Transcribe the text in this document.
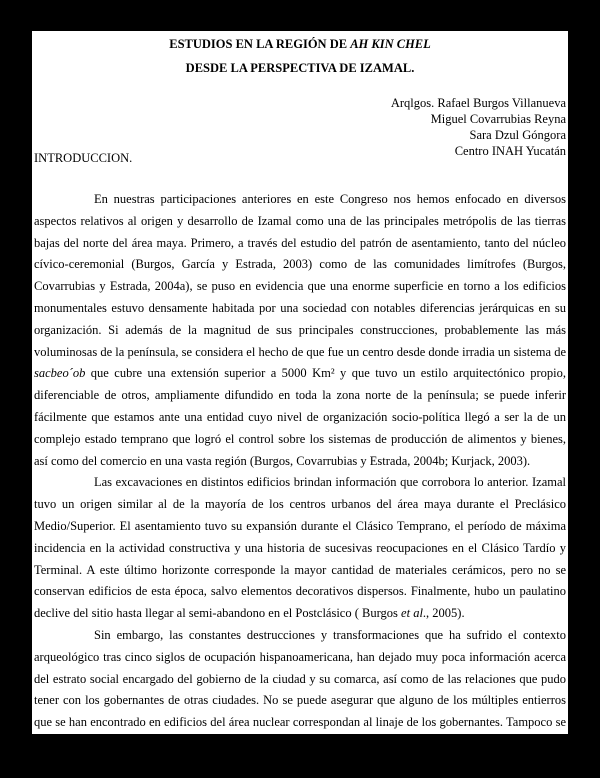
ESTUDIOS EN LA REGIÓN DE AH KIN CHEL
DESDE LA PERSPECTIVA DE IZAMAL.
Arqlgos. Rafael Burgos Villanueva
Miguel Covarrubias Reyna
Sara Dzul Góngora
Centro INAH Yucatán
INTRODUCCION.

En nuestras participaciones anteriores en este Congreso nos hemos enfocado en diversos aspectos relativos al origen y desarrollo de Izamal como una de las principales metrópolis de las tierras bajas del norte del área maya. Primero, a través del estudio del patrón de asentamiento, tanto del núcleo cívico-ceremonial (Burgos, García y Estrada, 2003) como de las comunidades limítrofes (Burgos, Covarrubias y Estrada, 2004a), se puso en evidencia que una enorme superficie en torno a los edificios monumentales estuvo densamente habitada por una sociedad con notables diferencias jerárquicas en su organización. Si además de la magnitud de sus principales construcciones, probablemente las más voluminosas de la península, se considera el hecho de que fue un centro desde donde irradia un sistema de sacbeo´ob que cubre una extensión superior a 5000 Km² y que tuvo un estilo arquitectónico propio, diferenciable de otros, ampliamente difundido en toda la zona norte de la península; se puede inferir fácilmente que estamos ante una entidad cuyo nivel de organización socio-política llegó a ser la de un complejo estado temprano que logró el control sobre los sistemas de producción de alimentos y bienes, así como del comercio en una vasta región (Burgos, Covarrubias y Estrada, 2004b; Kurjack, 2003).

Las excavaciones en distintos edificios brindan información que corrobora lo anterior. Izamal tuvo un origen similar al de la mayoría de los centros urbanos del área maya durante el Preclásico Medio/Superior. El asentamiento tuvo su expansión durante el Clásico Temprano, el período de máxima incidencia en la actividad constructiva y una historia de sucesivas reocupaciones en el Clásico Tardío y Terminal. A este último horizonte corresponde la mayor cantidad de materiales cerámicos, pero no se conservan edificios de esta época, salvo elementos decorativos dispersos. Finalmente, hubo un paulatino declive del sitio hasta llegar al semi-abandono en el Postclásico ( Burgos et al., 2005).

Sin embargo, las constantes destrucciones y transformaciones que ha sufrido el contexto arqueológico tras cinco siglos de ocupación hispanoamericana, han dejado muy poca información acerca del estrato social encargado del gobierno de la ciudad y su comarca, así como de las relaciones que pudo tener con los gobernantes de otras ciudades. No se puede asegurar que alguno de los múltiples entierros que se han encontrado en edificios del área nuclear correspondan al linaje de los gobernantes. Tampoco se cuenta con estelas u otros objetos que presenten información escrita acerca de la élite. Las fuentes históricas mencionab un
